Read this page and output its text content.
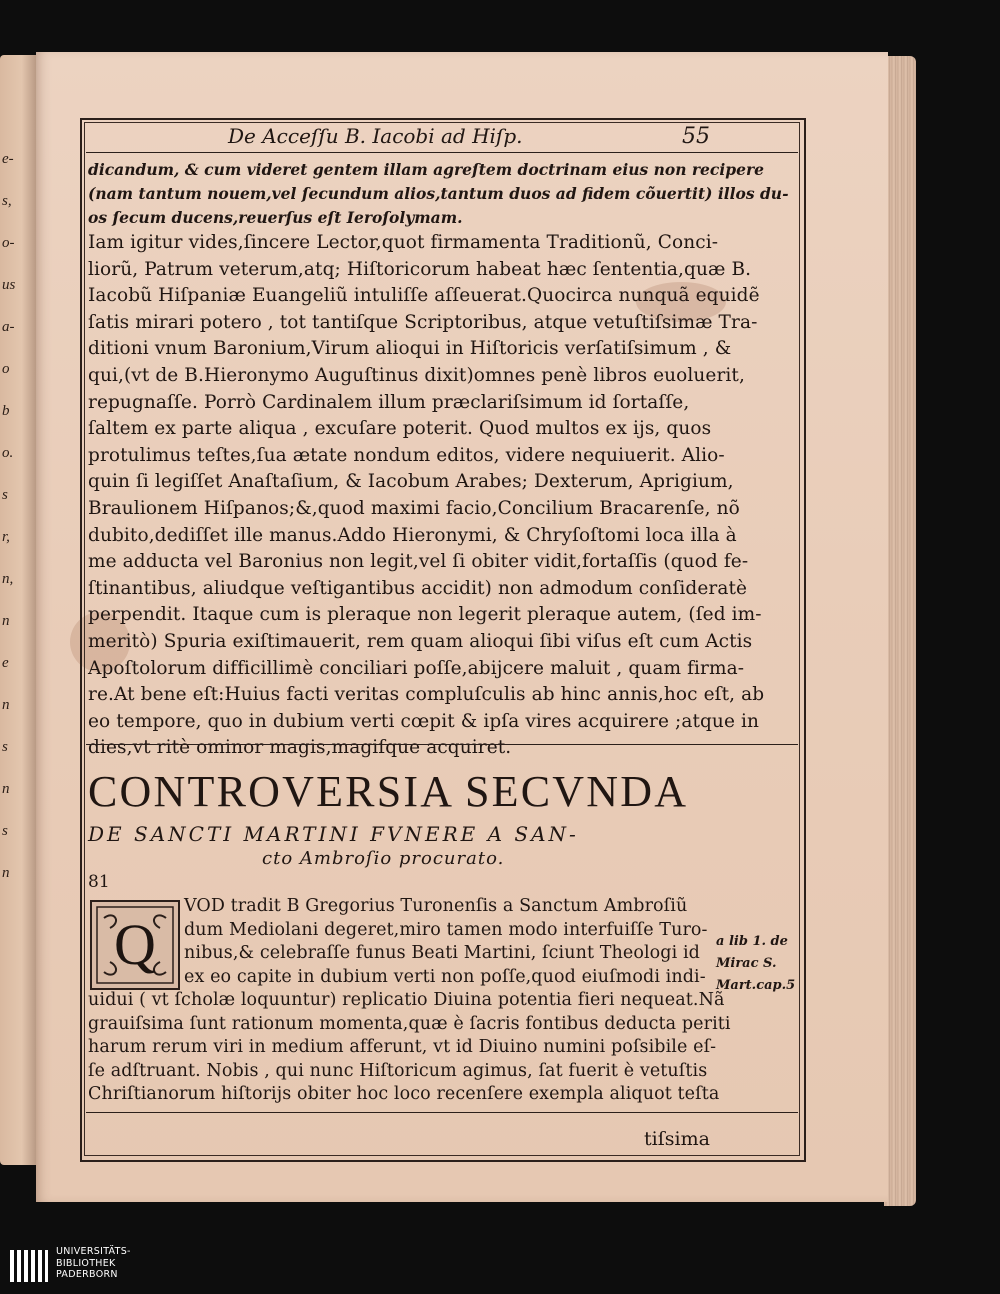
e-
s,
o-
us
a-
o
b
o.
s
r,
n,
n
e
n
s
n
s
n
De Acceſſu B. Iacobi ad Hiſp.	55
dicandum, & cum videret gentem illam agreſtem doctrinam eius non recipere
(nam tantum nouem,vel ſecundum alios,tantum duos ad fidem cõuertit) illos du-
os ſecum ducens,reuerſus eſt Ieroſolymam.
Iam igitur vides,ſincere Lector,quot firmamenta Traditionũ, Conci-
liorũ, Patrum veterum,atq; Hiſtoricorum habeat hæc ſententia,quæ B.
Iacobũ Hiſpaniæ Euangeliũ intuliſſe aſſeuerat.Quocirca nunquã equidẽ
ſatis mirari potero , tot tantiſque Scriptoribus, atque vetuſtiſsimæ Tra-
ditioni vnum Baronium,Virum alioqui in Hiſtoricis verſatiſsimum , &
qui,(vt de B.Hieronymo Auguſtinus dixit)omnes penè libros euoluerit,
repugnaſſe. Porrò Cardinalem illum præclariſsimum id ſortaſſe,
ſaltem ex parte aliqua , excuſare poterit. Quod multos ex ijs, quos
protulimus teſtes,ſua ætate nondum editos, videre nequiuerit. Alio-
quin ſi legiſſet Anaſtaſium, & Iacobum Arabes; Dexterum, Aprigium,
Braulionem Hiſpanos;&,quod maximi facio,Concilium Bracarenſe, nõ
dubito,dediſſet ille manus.Addo Hieronymi, & Chryſoſtomi loca illa à
me adducta vel Baronius non legit,vel ſi obiter vidit,fortaſſis (quod fe-
ſtinantibus, aliudque veſtigantibus accidit) non admodum conſideratè
perpendit. Itaque cum is pleraque non legerit pleraque autem, (ſed im-
meritò) Spuria exiſtimauerit, rem quam alioqui ſibi viſus eſt cum Actis
Apoſtolorum difficillimè conciliari poſſe,abijcere maluit , quam firma-
re.At bene eſt:Huius facti veritas compluſculis ab hinc annis,hoc eſt, ab
eo tempore, quo in dubium verti cœpit & ipſa vires acquirere ;atque in
dies,vt ritè ominor magis,magiſque acquiret.
CONTROVERSIA SECVNDA
DE SANCTI MARTINI FVNERE A SAN-
cto Ambroſio procurato.
81
Q
VOD tradit B Gregorius Turonenſis a Sanctum Ambroſiũ
dum Mediolani degeret,miro tamen modo interfuiſſe Turo-
nibus,& celebraſſe funus Beati Martini, ſciunt Theologi id
ex eo capite in dubium verti non poſſe,quod eiuſmodi indi-
uidui ( vt ſcholæ loquuntur) replicatio Diuina potentia fieri nequeat.Nã
grauiſsima ſunt rationum momenta,quæ è ſacris fontibus deducta periti
harum rerum viri in medium afferunt, vt id Diuino numini poſsibile eſ-
ſe adſtruant. Nobis , qui nunc Hiſtoricum agimus, ſat fuerit è vetuſtis
Chriſtianorum hiſtorijs obiter hoc loco recenſere exempla aliquot teſta
a lib 1. de
Mirac S.
Mart.cap.5
tiſsima
UNIVERSITÄTS-
BIBLIOTHEK
PADERBORN
